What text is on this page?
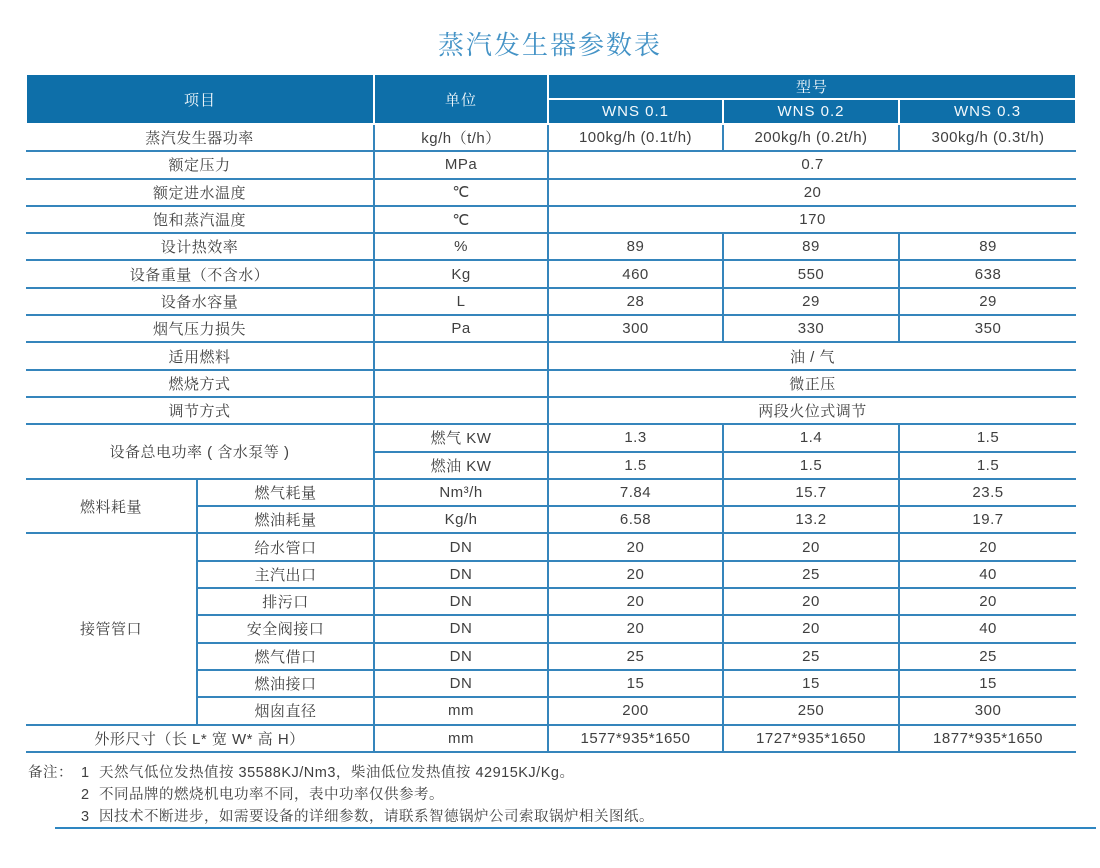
蒸汽发生器参数表
项目		单位	型号		
			WNS 0.1	WNS 0.2	WNS 0.3
蒸汽发生器功率		kg/h（t/h）	100kg/h (0.1t/h)	200kg/h (0.2t/h)	300kg/h (0.3t/h)
额定压力		MPa	0.7		
额定进水温度		℃	20		
饱和蒸汽温度		℃	170		
设计热效率		%	89	89	89
设备重量（不含水）		Kg	460	550	638
设备水容量		L	28	29	29
烟气压力损失		Pa	300	330	350
适用燃料			油 / 气		
燃烧方式			微正压		
调节方式			两段火位式调节		
设备总电功率 ( 含水泵等 )		燃气 KW	1.3	1.4	1.5
		燃油 KW	1.5	1.5	1.5
燃料耗量	燃气耗量	Nm³/h	7.84	15.7	23.5
	燃油耗量	Kg/h	6.58	13.2	19.7
接管管口	给水管口	DN	20	20	20
	主汽出口	DN	20	25	40
	排污口	DN	20	20	20
	安全阀接口	DN	20	20	40
	燃气借口	DN	25	25	25
	燃油接口	DN	15	15	15
	烟囱直径	mm	200	250	300
外形尺寸（长 L* 宽 W* 高 H）		mm	1577*935*1650	1727*935*1650	1877*935*1650
备注： 1 天然气低位发热值按 35588KJ/Nm3，柴油低位发热值按 42915KJ/Kg。
2 不同品牌的燃烧机电功率不同，表中功率仅供参考。
3 因技术不断进步，如需要设备的详细参数，请联系智德锅炉公司索取锅炉相关图纸。
